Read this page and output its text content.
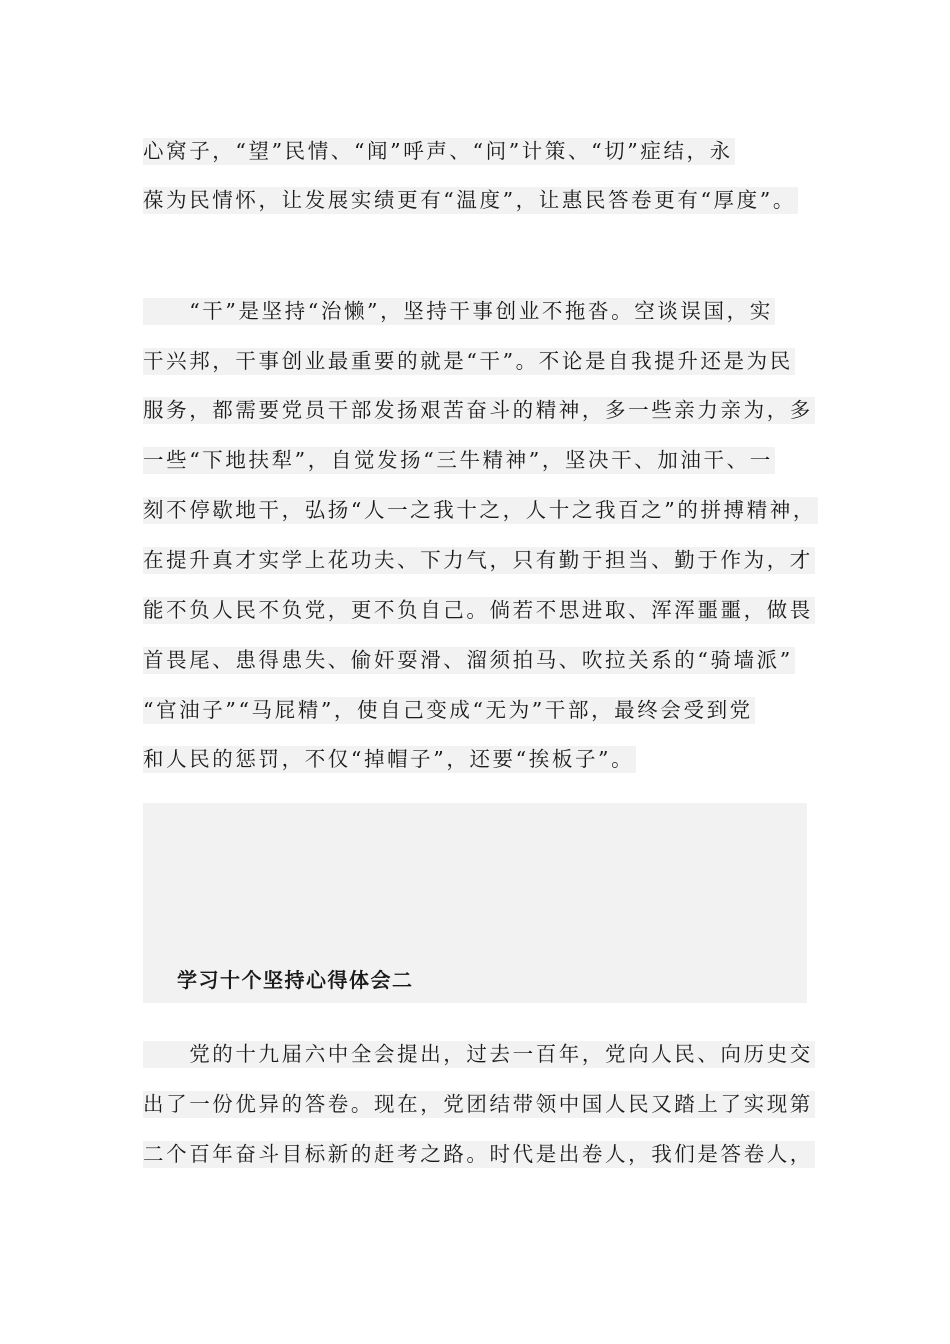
心窝子，“望”民情、“闻”呼声、“问”计策、“切”症结，永
葆为民情怀，让发展实绩更有“温度”，让惠民答卷更有“厚度”。
　　“干”是坚持“治懒”，坚持干事创业不拖沓。空谈误国，实
干兴邦，干事创业最重要的就是“干”。不论是自我提升还是为民
服务，都需要党员干部发扬艰苦奋斗的精神，多一些亲力亲为，多
一些“下地扶犁”，自觉发扬“三牛精神”，坚决干、加油干、一
刻不停歇地干，弘扬“人一之我十之，人十之我百之”的拼搏精神，
在提升真才实学上花功夫、下力气，只有勤于担当、勤于作为，才
能不负人民不负党，更不负自己。倘若不思进取、浑浑噩噩，做畏
首畏尾、患得患失、偷奸耍滑、溜须拍马、吹拉关系的“骑墙派”
“官油子”“马屁精”，使自己变成“无为”干部，最终会受到党
和人民的惩罚，不仅“掉帽子”，还要“挨板子”。
学习十个坚持心得体会二
　　党的十九届六中全会提出，过去一百年，党向人民、向历史交
出了一份优异的答卷。现在，党团结带领中国人民又踏上了实现第
二个百年奋斗目标新的赶考之路。时代是出卷人，我们是答卷人，
